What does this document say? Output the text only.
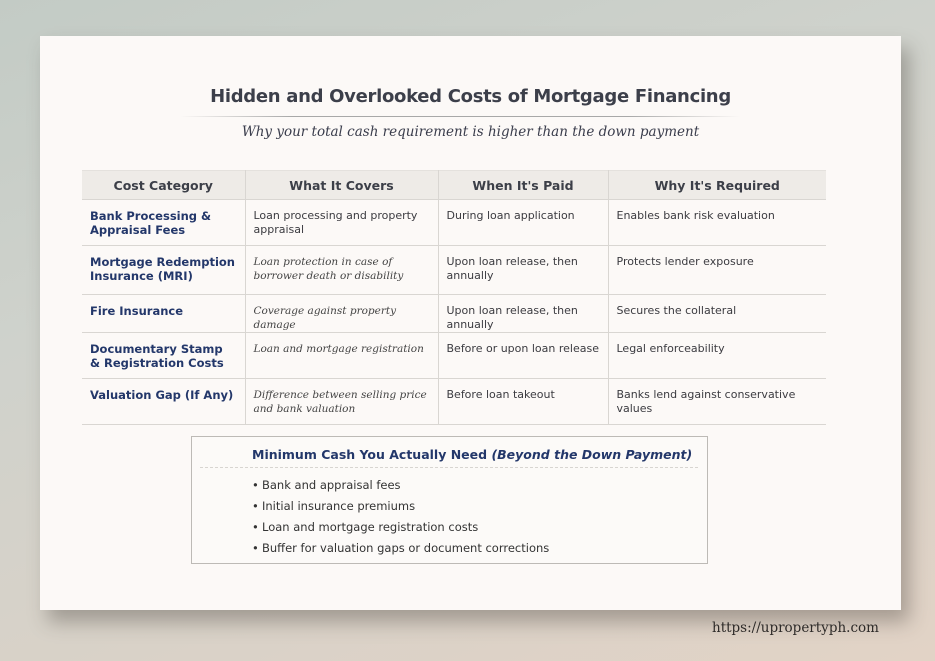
Hidden and Overlooked Costs of Mortgage Financing
Why your total cash requirement is higher than the down payment
Cost Category	What It Covers	When It's Paid	Why It's Required
Bank Processing & Appraisal Fees	Loan processing and property appraisal	During loan application	Enables bank risk evaluation
Mortgage Redemption Insurance (MRI)	Loan protection in case of borrower death or disability	Upon loan release, then annually	Protects lender exposure
Fire Insurance	Coverage against property damage	Upon loan release, then annually	Secures the collateral
Documentary Stamp & Registration Costs	Loan and mortgage registration	Before or upon loan release	Legal enforceability
Valuation Gap (If Any)	Difference between selling price and bank valuation	Before loan takeout	Banks lend against conservative values
Minimum Cash You Actually Need (Beyond the Down Payment)
• Bank and appraisal fees
• Initial insurance premiums
• Loan and mortgage registration costs
• Buffer for valuation gaps or document corrections
https://upropertyph.com
